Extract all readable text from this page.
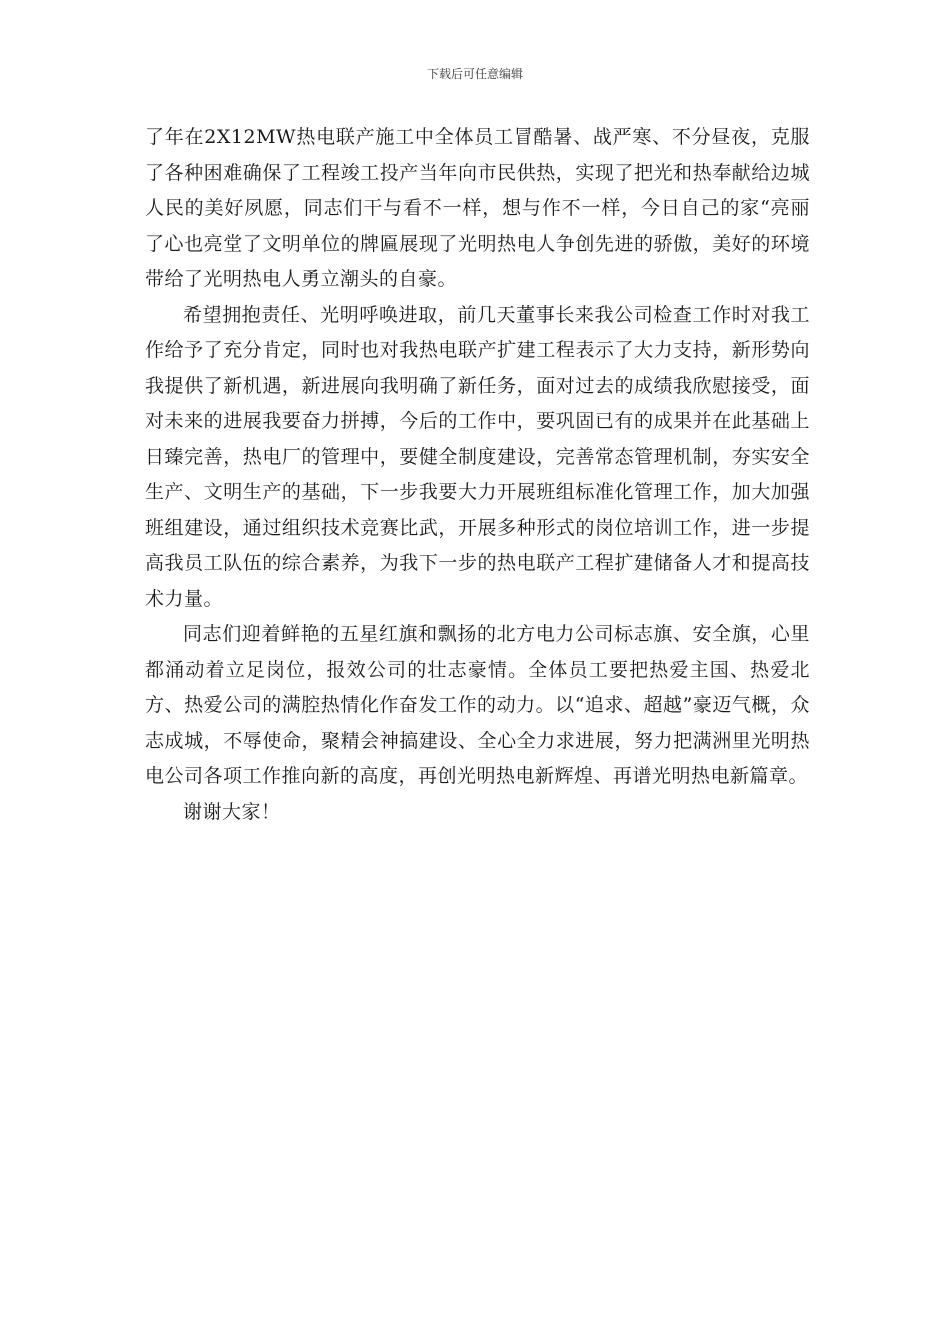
下载后可任意编辑

了年在2X12MW热电联产施工中全体员工冒酷暑、战严寒、不分昼夜，克服了各种困难确保了工程竣工投产当年向市民供热，实现了把光和热奉献给边城人民的美好夙愿，同志们干与看不一样，想与作不一样，今日自己的家“亮丽了心也亮堂了文明单位的牌匾展现了光明热电人争创先进的骄傲，美好的环境带给了光明热电人勇立潮头的自豪。

希望拥抱责任、光明呼唤进取，前几天董事长来我公司检查工作时对我工作给予了充分肯定，同时也对我热电联产扩建工程表示了大力支持，新形势向我提供了新机遇，新进展向我明确了新任务，面对过去的成绩我欣慰接受，面对未来的进展我要奋力拼搏，今后的工作中，要巩固已有的成果并在此基础上日臻完善，热电厂的管理中，要健全制度建设，完善常态管理机制，夯实安全生产、文明生产的基础，下一步我要大力开展班组标准化管理工作，加大加强班组建设，通过组织技术竞赛比武，开展多种形式的岗位培训工作，进一步提高我员工队伍的综合素养，为我下一步的热电联产工程扩建储备人才和提高技术力量。

同志们迎着鲜艳的五星红旗和飘扬的北方电力公司标志旗、安全旗，心里都涌动着立足岗位，报效公司的壮志豪情。全体员工要把热爱主国、热爱北方、热爱公司的满腔热情化作奋发工作的动力。以“追求、超越”豪迈气概，众志成城，不辱使命，聚精会神搞建设、全心全力求进展，努力把满洲里光明热电公司各项工作推向新的高度，再创光明热电新辉煌、再谱光明热电新篇章。

谢谢大家！
